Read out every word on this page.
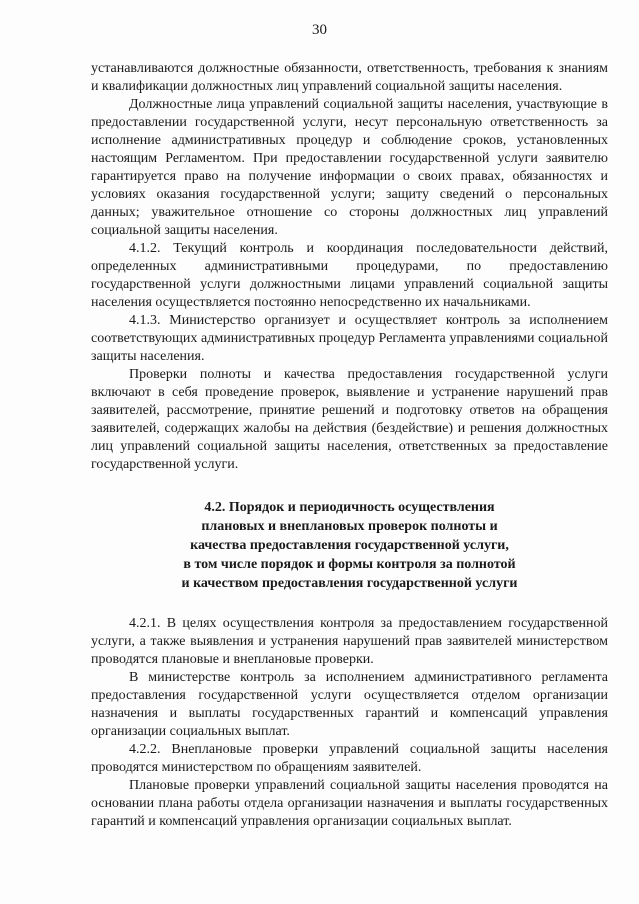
30

устанавливаются должностные обязанности, ответственность, требования к знаниям и квалификации должностных лиц управлений социальной защиты населения.

Должностные лица управлений социальной защиты населения, участвующие в предоставлении государственной услуги, несут персональную ответственность за исполнение административных процедур и соблюдение сроков, установленных настоящим Регламентом. При предоставлении государственной услуги заявителю гарантируется право на получение информации о своих правах, обязанностях и условиях оказания государственной услуги; защиту сведений о персональных данных; уважительное отношение со стороны должностных лиц управлений социальной защиты населения.

4.1.2. Текущий контроль и координация последовательности действий, определенных административными процедурами, по предоставлению государственной услуги должностными лицами управлений социальной защиты населения осуществляется постоянно непосредственно их начальниками.

4.1.3. Министерство организует и осуществляет контроль за исполнением соответствующих административных процедур Регламента управлениями социальной защиты населения.

Проверки полноты и качества предоставления государственной услуги включают в себя проведение проверок, выявление и устранение нарушений прав заявителей, рассмотрение, принятие решений и подготовку ответов на обращения заявителей, содержащих жалобы на действия (бездействие) и решения должностных лиц управлений социальной защиты населения, ответственных за предоставление государственной услуги.

4.2. Порядок и периодичность осуществления
плановых и внеплановых проверок полноты и
качества предоставления государственной услуги,
в том числе порядок и формы контроля за полнотой
и качеством предоставления государственной услуги

4.2.1. В целях осуществления контроля за предоставлением государственной услуги, а также выявления и устранения нарушений прав заявителей министерством проводятся плановые и внеплановые проверки.

В министерстве контроль за исполнением административного регламента предоставления государственной услуги осуществляется отделом организации назначения и выплаты государственных гарантий и компенсаций управления организации социальных выплат.

4.2.2. Внеплановые проверки управлений социальной защиты населения проводятся министерством по обращениям заявителей.

Плановые проверки управлений социальной защиты населения проводятся на основании плана работы отдела организации назначения и выплаты государственных гарантий и компенсаций управления организации социальных выплат.
